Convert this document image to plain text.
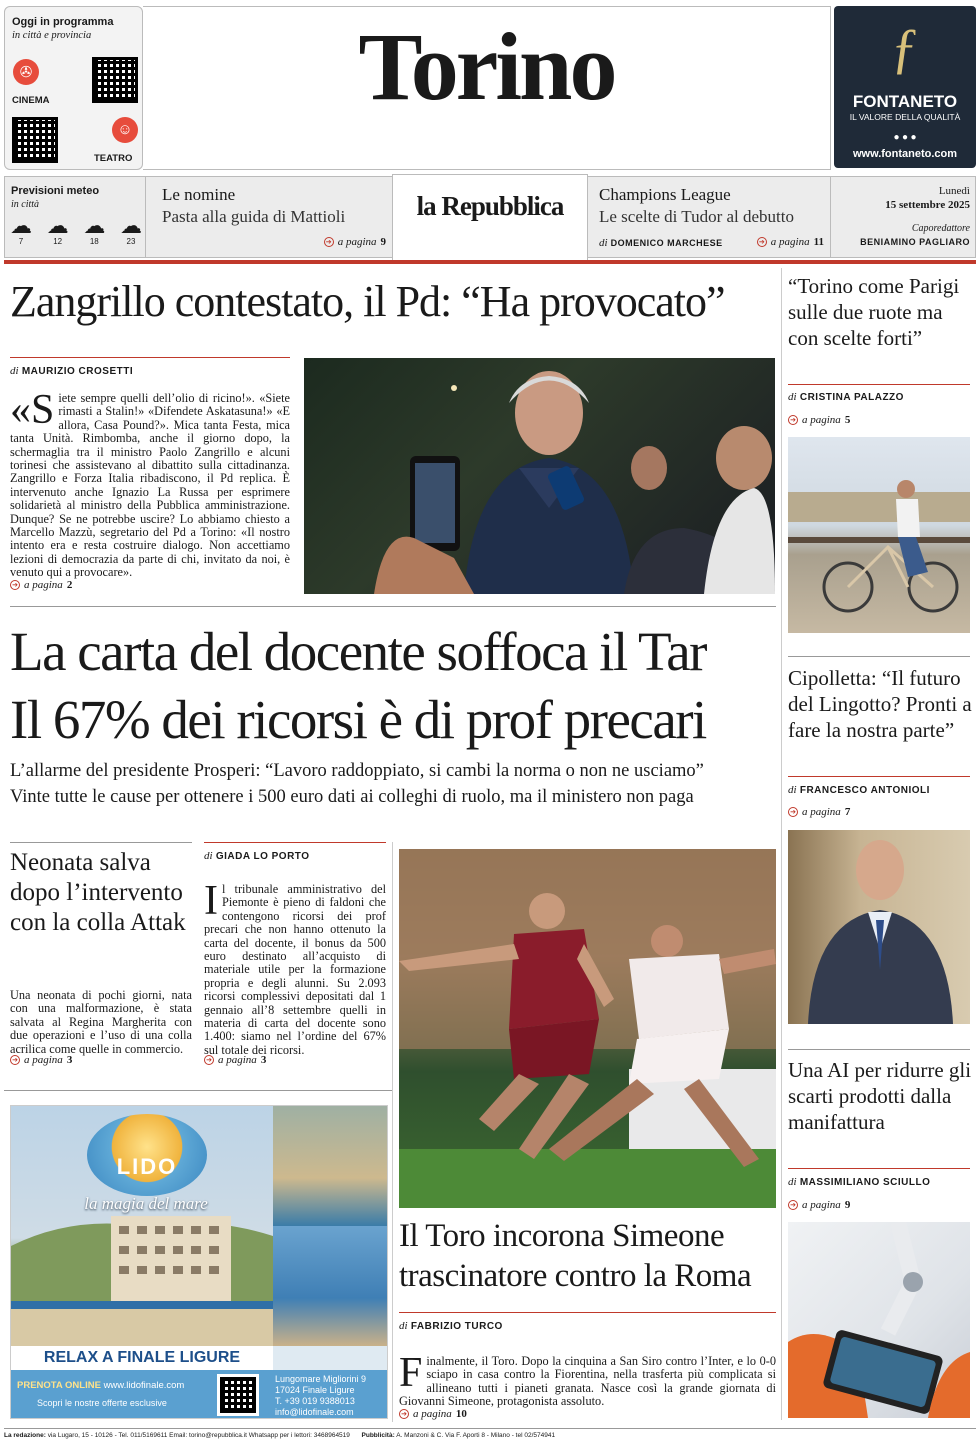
Oggi in programma
in città e provincia
✇
CINEMA
☺
TEATRO
Torino	ƒ
FONTANETO
IL VALORE DELLA QUALITÀ
● ● ●
www.fontaneto.com
Previsioni meteo
in città
☁
7
☁
12
☁
18
☁
23
Le nomine
Pasta alla guida di Mattioli
➔ a pagina 9
la Repubblica	Champions League
Le scelte di Tudor al debutto
di DOMENICO MARCHESE	➔ a pagina 11
Lunedì
15 settembre 2025
Caporedattore
BENIAMINO PAGLIARO
Zangrillo contestato, il Pd: “Ha provocato”
di MAURIZIO CROSETTI
«S iete sempre quelli dell’olio di ricino!». «Siete rimasti a Stalin!» «Difendete Askatasuna!» «E allora, Casa Pound?». Mica tanta Festa, mica tanta Unità. Rimbomba, anche il giorno dopo, la schermaglia tra il ministro Paolo Zangrillo e alcuni torinesi che assistevano al dibattito sulla cittadinanza. Zangrillo e Forza Italia ribadiscono, il Pd replica. È intervenuto anche Ignazio La Russa per esprimere solidarietà al ministro della Pubblica amministrazione. Dunque? Se ne potrebbe uscire? Lo abbiamo chiesto a Marcello Mazzù, segretario del Pd a Torino: «Il nostro intento era e resta costruire dialogo. Non accettiamo lezioni di democrazia da parte di chi, invitato da noi, è venuto qui a provocare».
➔ a pagina 2
La carta del docente soffoca il Tar
Il 67% dei ricorsi è di prof precari
L’allarme del presidente Prosperi: “Lavoro raddoppiato, si cambi la norma o non ne usciamo”
Vinte tutte le cause per ottenere i 500 euro dati ai colleghi di ruolo, ma il ministero non paga
Neonata salva dopo l’intervento con la colla Attak
Una neonata di pochi giorni, nata con una malformazione, è stata salvata al Regina Margherita con due operazioni e l’uso di una colla acrilica come quelle in commercio.
➔ a pagina 3
di GIADA LO PORTO
I l tribunale amministrativo del Piemonte è pieno di faldoni che contengono ricorsi dei prof precari che non hanno ottenuto la carta del docente, il bonus da 500 euro destinato all’acquisto di materiale utile per la formazione propria e degli alunni. Su 2.093 ricorsi complessivi depositati dal 1 gennaio all’8 settembre quelli in materia di carta del docente sono 1.400: siamo nel l’ordine del 67% sul totale dei ricorsi.
➔ a pagina 3
Il Toro incorona Simeone trascinatore contro la Roma
di FABRIZIO TURCO
F inalmente, il Toro. Dopo la cinquina a San Siro contro l’Inter, e lo 0-0 sciapo in casa contro la Fiorentina, nella trasferta più complicata si allineano tutti i pianeti granata. Nasce così la grande giornata di Giovanni Simeone, protagonista assoluto.
➔ a pagina 10
LIDO
la magia del mare
RELAX A FINALE LIGURE
PRENOTA ONLINE www.lidofinale.com
Scopri le nostre offerte esclusive
Lungomare Migliorini 9
17024 Finale Ligure
T. +39 019 9388013
info@lidofinale.com
“Torino come Parigi sulle due ruote ma con scelte forti”
di CRISTINA PALAZZO
➔ a pagina 5
Cipolletta: “Il futuro del Lingotto? Pronti a fare la nostra parte”
di FRANCESCO ANTONIOLI
➔ a pagina 7
Una AI per ridurre gli scarti prodotti dalla manifattura
di MASSIMILIANO SCIULLO
➔ a pagina 9
La redazione: via Lugaro, 15 - 10126 - Tel. 011/5169611 Email: torino@repubblica.it Whatsapp per i lettori: 3468964519 Pubblicità: A. Manzoni & C. Via F. Aporti 8 - Milano - tel 02/574941
